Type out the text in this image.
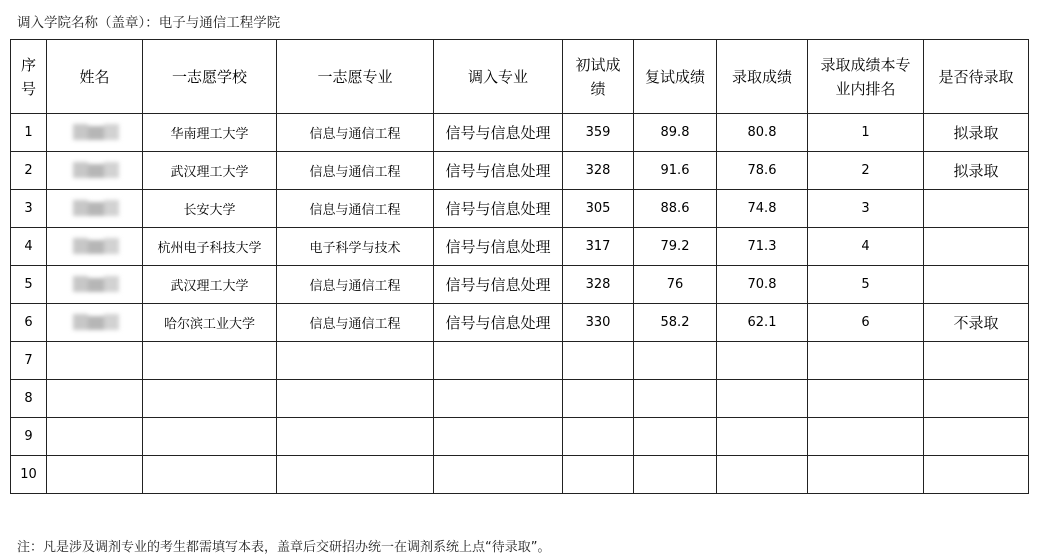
调入学院名称（盖章）：电子与通信工程学院
序
号	姓名	一志愿学校	一志愿专业	调入专业	初试成
绩	复试成绩	录取成绩	录取成绩本专
业内排名	是否待录取
1		华南理工大学	信息与通信工程	信号与信息处理	359	89.8	80.8	1	拟录取
2		武汉理工大学	信息与通信工程	信号与信息处理	328	91.6	78.6	2	拟录取
3		长安大学	信息与通信工程	信号与信息处理	305	88.6	74.8	3	
4		杭州电子科技大学	电子科学与技术	信号与信息处理	317	79.2	71.3	4	
5		武汉理工大学	信息与通信工程	信号与信息处理	328	76	70.8	5	
6		哈尔滨工业大学	信息与通信工程	信号与信息处理	330	58.2	62.1	6	不录取
7									
8									
9									
10									
注：凡是涉及调剂专业的考生都需填写本表，盖章后交研招办统一在调剂系统上点“待录取”。
